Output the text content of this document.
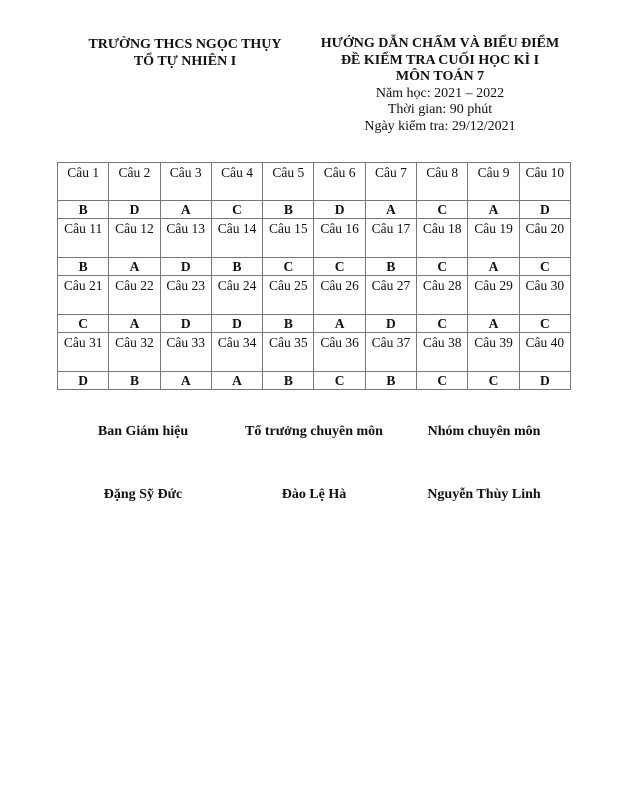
TRƯỜNG THCS NGỌC THỤY
TỔ TỰ NHIÊN I
HƯỚNG DẪN CHẤM VÀ BIỂU ĐIỂM
ĐỀ KIỂM TRA CUỐI HỌC KÌ I
MÔN TOÁN 7
Năm học: 2021 – 2022
Thời gian: 90 phút
Ngày kiểm tra: 29/12/2021
Câu 1	Câu 2	Câu 3	Câu 4	Câu 5	Câu 6	Câu 7	Câu 8	Câu 9	Câu 10
B	D	A	C	B	D	A	C	A	D
Câu 11	Câu 12	Câu 13	Câu 14	Câu 15	Câu 16	Câu 17	Câu 18	Câu 19	Câu 20
B	A	D	B	C	C	B	C	A	C
Câu 21	Câu 22	Câu 23	Câu 24	Câu 25	Câu 26	Câu 27	Câu 28	Câu 29	Câu 30
C	A	D	D	B	A	D	C	A	C
Câu 31	Câu 32	Câu 33	Câu 34	Câu 35	Câu 36	Câu 37	Câu 38	Câu 39	Câu 40
D	B	A	A	B	C	B	C	C	D
Ban Giám hiệu	Tổ trưởng chuyên môn	Nhóm chuyên môn
Đặng Sỹ Đức	Đào Lệ Hà	Nguyễn Thùy Linh
